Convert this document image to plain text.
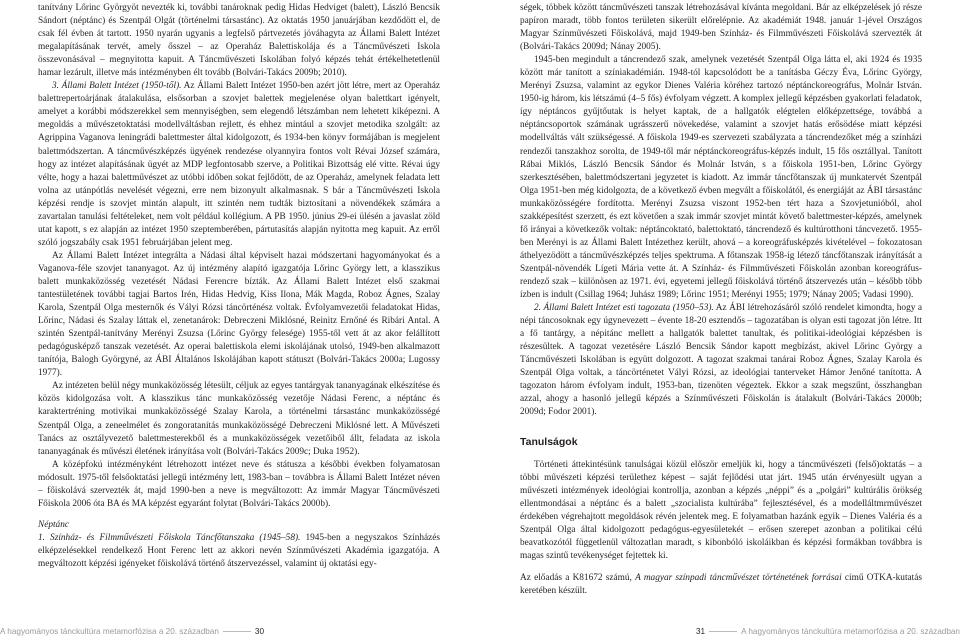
tanítvány Lőrinc Györgyöt nevezték ki, további tanároknak pedig Hidas Hedviget (balett), László Bencsik Sándort (néptánc) és Szentpál Olgát (történelmi társastánc). Az oktatás 1950 januárjában kezdődött el, de csak fél évben át tartott. 1950 nyarán ugyanis a legfelső pártvezetés jóváhagyta az Állami Balett Intézet megalapításának tervét, amely ősszel – az Operaház Balettiskolája és a Táncművészeti Iskola összevonásával – megnyitotta kapuit. A Táncművészeti Iskolában folyó képzés tehát értékelhetetlenül hamar lezárult, illetve más intézményben élt tovább (Bolvári-Takács 2009b; 2010).

3. Állami Balett Intézet (1950-től). Az Állami Balett Intézet 1950-ben azért jött létre, mert az Operaház balettrepertoárjának átalakulása, elsősorban a szovjet balettek megjelenése olyan balettkart igényelt, amelyet a korábbi módszerekkel sem mennyiségben, sem elegendő létszámban nem lehetett kiképezni. A megoldás a művészetoktatási modellváltásban rejlett, és ehhez mintául a szovjet metodika szolgált: az Agrippina Vaganova leningrádi balettmester által kidolgozott, és 1934-ben könyv formájában is megjelent balettmódszertan. A táncművészképzés ügyének rendezése olyannyira fontos volt Révai József számára, hogy az intézet alapításának ügyét az MDP legfontosabb szerve, a Politikai Bizottság elé vitte. Révai úgy vélte, hogy a hazai balettművészet az utóbbi időben sokat fejlődött, de az Operaház, amelynek feladata lett volna az utánpótlás nevelését végezni, erre nem bizonyult alkalmasnak. S bár a Táncművészeti Iskola képzési rendje is szovjet mintán alapult, itt szintén nem tudták biztosítani a növendékek számára a zavartalan tanulási feltételeket, nem volt például kollégium. A PB 1950. június 29-ei ülésén a javaslat zöld utat kapott, s ez alapján az intézet 1950 szeptemberében, pártutasítás alapján nyitotta meg kapuit. Az erről szóló jogszabály csak 1951 februárjában jelent meg.

Az Állami Balett Intézet integrálta a Nádasi által képviselt hazai módszertani hagyományokat és a Vaganova-féle szovjet tananyagot. Az új intézmény alapító igazgatója Lőrinc György lett, a klasszikus balett munkaközösség vezetését Nádasi Ferencre bízták. Az Állami Balett Intézet első szakmai tantestületének további tagjai Bartos Irén, Hidas Hedvig, Kiss Ilona, Mák Magda, Roboz Ágnes, Szalay Karola, Szentpál Olga mesternők és Vályi Rózsi táncörténész voltak. Évfolyamvezetői feladatokat Hidas, Lőrinc, Nádasi és Szalay láttak el, zenetanárok: Debreczeni Miklósné, Reinitz Ernőné és Ribári Antal. A szintén Szentpál-tanítvány Merényi Zsuzsa (Lőrinc György felesége) 1955-től vett át az akor felállított pedagógusképző tanszak vezetését. Az operai balettiskola elemi iskolájának utolsó, 1949-ben alkalmazott tanítója, Balogh Györgyné, az ÁBI Általános Iskolájában kapott státuszt (Bolvári-Takács 2000a; Lugossy 1977).

Az intézeten belül négy munkaközösség létesült, céljuk az egyes tantárgyak tananyagának elkészítése és közös kidolgozása volt. A klasszikus tánc munkaközösség vezetője Nádasi Ferenc, a néptánc és karaktertréning motivikai munkaközösségé Szalay Karola, a történelmi társastánc munkaközösségé Szentpál Olga, a zeneelmélet és zongoratanítás munkaközösségé Debreczeni Miklósné lett. A Művészeti Tanács az osztályvezető balettmesterekből és a munkaközösségek vezetőiből állt, feladata az iskola tananyagának és művészi életének irányítása volt (Bolvári-Takács 2009c; Duka 1952).

A középfokú intézményként létrehozott intézet neve és státusza a későbbi években folyamatosan módosult. 1975-től felsőoktatási jellegű intézmény lett, 1983-ban – továbbra is Állami Balett Intézet néven – főiskolává szervezték át, majd 1990-ben a neve is megváltozott: Az immár Magyar Táncművészeti Főiskola 2006 óta BA és MA képzést egyaránt folytat (Bolvári-Takács 2000b).

Néptánc

1. Színház- és Filmművészeti Főiskola Táncfőtanszaka (1945–58). 1945-ben a negyszakos Színházés elképzelésekkel rendelkező Hont Ferenc lett az akkori nevén Színművészeti Akadémia igazgatója. A megváltozott képzési igényeket főiskolává történő átszervezéssel, valamint új oktatási egy-

ségek, többek között táncművészeti tanszak létrehozásával kívánta megoldani. Bár az elképzelések jó része papíron maradt, több fontos területen sikerült előrelépnie. Az akadémiát 1948. január 1-jével Országos Magyar Színművészeti Főiskolává, majd 1949-ben Színház- és Filmművészeti Főiskolává szervezték át (Bolvári-Takács 2009d; Nánay 2005).

1945-ben megindult a táncrendező szak, amelynek vezetését Szentpál Olga látta el, aki 1924 és 1935 között már tanított a színiakadémián. 1948-tól kapcsolódott be a tanításba Géczy Éva, Lőrinc György, Merényi Zsuzsa, valamint az egykor Dienes Valéria köréhez tartozó néptánckoreográfus, Molnár István. 1950-ig három, kis létszámú (4–5 fős) évfolyam végzett. A komplex jellegű képzésben gyakorlati feladatok, így néptáncos gyűjtőutak is helyet kaptak, de a hallgatók elégtelen előképzettsége, továbbá a néptáncsoportok számának ugrásszerű növekedése, valamint a szovjet hatás erősödése miatt képzési modellváltás vált szükségessé. A főiskola 1949-es szervezeti szabályzata a táncrendezőket még a színházi rendezői tanszakhoz sorolta, de 1949-től már néptánckoreográfus-képzés indult, 15 fős osztállyal. Tanított Rábai Miklós, László Bencsik Sándor és Molnár István, s a főiskola 1951-ben, Lőrinc György szerkesztésében, balettmódszertani jegyzetet is kiadott. Az immár táncfőtanszak új munkatervét Szentpál Olga 1951-ben még kidolgozta, de a következő évben megvált a főiskolától, és energiáját az ÁBI társastánc munkaközösségére fordította. Merényi Zsuzsa viszont 1952-ben tért haza a Szovjetunióból, ahol szakképesítést szerzett, és ezt követően a szak immár szovjet mintát követő balettmester-képzés, amelynek fő irányai a következők voltak: néptáncoktató, balettoktató, táncrendező és kultúrotthoni táncvezető. 1955-ben Merényi is az Állami Balett Intézethez került, ahová – a koreográfusképzés kivételével – fokozatosan áthelyezödött a táncművészképzés teljes spektruma. A főtanszak 1958-ig létező táncfőtanszak irányítását a Szentpál-növendék Lígeti Mária vette át. A Színház- és Filmművészeti Főiskolán azonban koreográfus-rendező szak – különösen az 1971. évi, egyetemi jellegű főiskolává történő átszervezés után – később több ízben is indult (Csillag 1964; Juhász 1989; Lőrinc 1951; Merényi 1955; 1979; Nánay 2005; Vadasi 1990).

2. Állami Balett Intézet esti tagozata (1950–53). Az ÁBI létrehozásáról szóló rendelet kimondta, hogy a népi táncosoknak egy úgynevezett – évente 18-20 esztendős – tagozatában is olyan esti tagozat jön létre. Itt a fő tantárgy, a népitánc mellett a hallgatók balettet tanultak, és politikai-ideológiai képzésben is részesültek. A tagozat vezetésére László Bencsik Sándor kapott megbízást, akivel Lőrinc György a Táncművészeti Iskolában is együtt dolgozott. A tagozat szakmai tanárai Roboz Ágnes, Szalay Karola és Szentpál Olga voltak, a táncörténetet Vályi Rózsi, az ideológiai tanterveket Hámor Jenőné tanította. A tagozaton három évfolyam indult, 1953-ban, tizenöten végeztek. Ekkor a szak megszűnt, összhangban azzal, ahogy a hasonló jellegű képzés a Színművészeti Főiskolán is átalakult (Bolvári-Takács 2000b; 2009d; Fodor 2001).

Tanulságok

Történeti áttekintésünk tanulságai közül először emeljük ki, hogy a táncművészeti (felső)oktatás – a többi művészeti képzési területhez képest – saját fejlődési utat járt. 1945 után érvényesült ugyan a művészeti intézmények ideológiai kontrollja, azonban a képzés „néppi” és a „polgári” kultúrális örökség ellentmondásai a néptánc és a balett „szocialista kultúrába” fejlesztésével, és a modelláltmrművészet érdekében végrehajtott megoldások révén jelentek meg. E folyamatban hazánk egyik – Dienes Valéria és a Szentpál Olga által kidolgozott pedagógus-egyesületekét – erősen szerepet azonban a politikai célú beavatkozótól függetlenül változatlan maradt, s kibonbóló iskoláikban és képzési formákban továbbra is magas szintű tevékenységet fejtettek ki.

Az előadás a K81672 számú, A magyar színpadi táncművészet történetének forrásai című OTKA-kutatás keretében készült.

A hagyományos tánckultúra metamorfózisa a 20. században	30	31	A hagyományos tánckultúra metamorfózisa a 20. században
